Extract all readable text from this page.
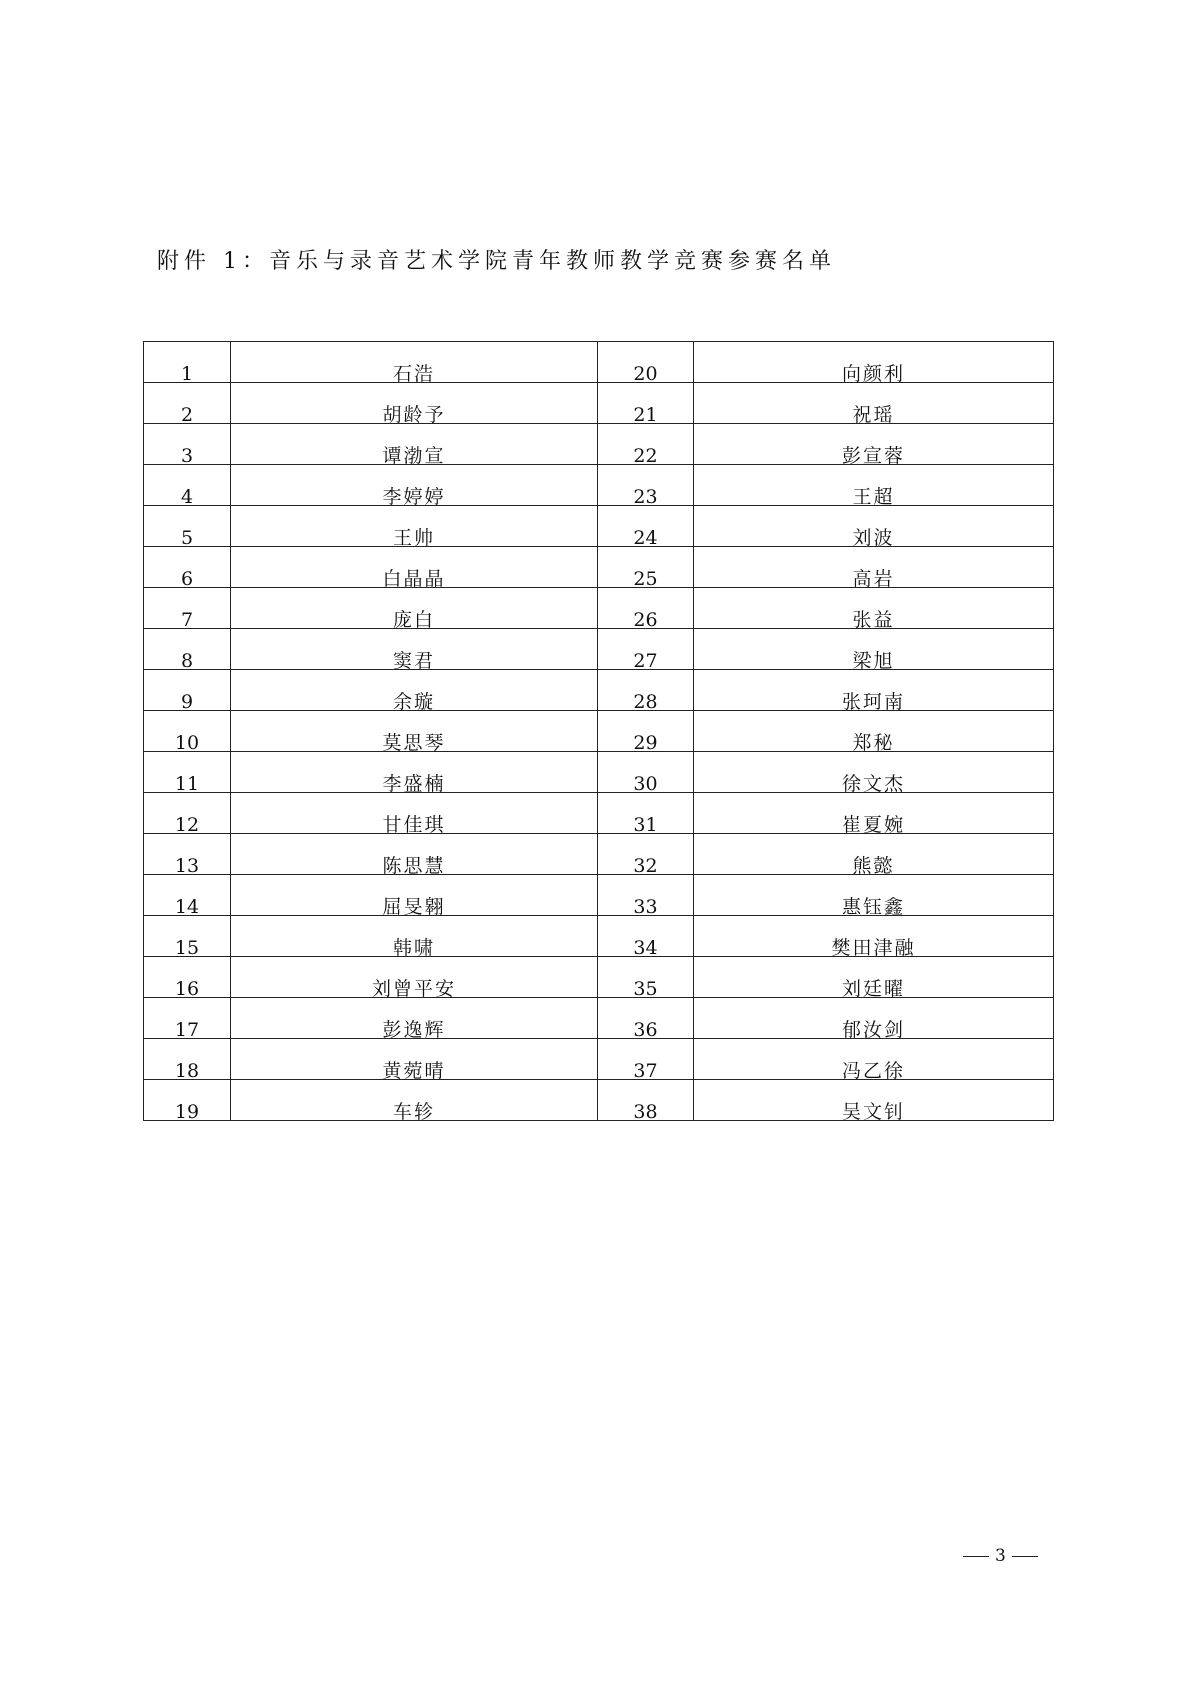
附件 1：音乐与录音艺术学院青年教师教学竞赛参赛名单
1	石浩	20	向颜利
2	胡龄予	21	祝瑶
3	谭渤宣	22	彭宣蓉
4	李婷婷	23	王超
5	王帅	24	刘波
6	白晶晶	25	高岩
7	庞白	26	张益
8	窦君	27	梁旭
9	余璇	28	张珂南
10	莫思琴	29	郑秘
11	李盛楠	30	徐文杰
12	甘佳琪	31	崔夏婉
13	陈思慧	32	熊懿
14	屈旻翱	33	惠钰鑫
15	韩啸	34	樊田津融
16	刘曾平安	35	刘廷曜
17	彭逸辉	36	郁汝剑
18	黄菀晴	37	冯乙徐
19	车轸	38	吴文钊
3
